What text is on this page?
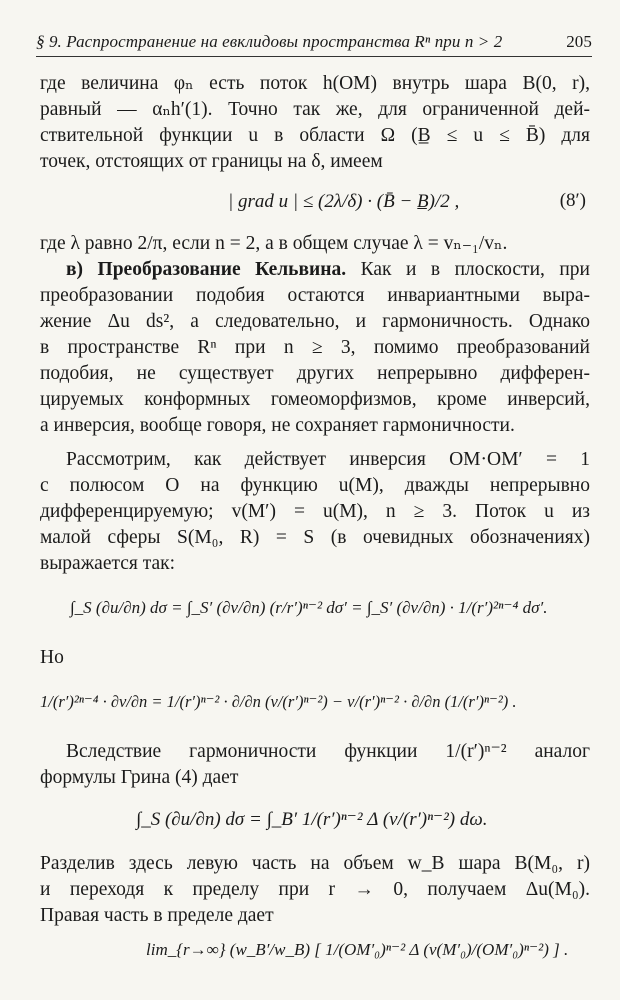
§ 9. Распространение на евклидовы пространства Rⁿ при n > 2	205
где величина φₙ есть поток h(OM) внутрь шара B(0, r),
равный — αₙh′(1). Точно так же, для ограниченной дей-
ствительной функции u в области Ω (B̲ ≤ u ≤ B̄) для
точек, отстоящих от границы на δ, имеем
| grad u | ≤ (2λ/δ) · (B̄ − B̲)/2 ,	(8′)
где λ равно 2/π, если n = 2, а в общем случае λ = vₙ₋₁/vₙ.
в) Преобразование Кельвина. Как и в плоскости, при
преобразовании подобия остаются инвариантными выра-
жение Δu ds², а следовательно, и гармоничность. Однако
в пространстве Rⁿ при n ≥ 3, помимо преобразований
подобия, не существует других непрерывно дифферен-
цируемых конформных гомеоморфизмов, кроме инверсий,
а инверсия, вообще говоря, не сохраняет гармоничности.
Рассмотрим, как действует инверсия OM·OM′ = 1
с полюсом O на функцию u(M), дважды непрерывно
дифференцируемую; v(M′) = u(M), n ≥ 3. Поток u из
малой сферы S(M₀, R) = S (в очевидных обозначениях)
выражается так:
∫_S (∂u/∂n) dσ = ∫_S′ (∂v/∂n) (r/r′)ⁿ⁻² dσ′ = ∫_S′ (∂v/∂n) · 1/(r′)²ⁿ⁻⁴ dσ′.
Но
1/(r′)²ⁿ⁻⁴ · ∂v/∂n = 1/(r′)ⁿ⁻² · ∂/∂n (v/(r′)ⁿ⁻²) − v/(r′)ⁿ⁻² · ∂/∂n (1/(r′)ⁿ⁻²) .
Вследствие гармоничности функции 1/(r′)ⁿ⁻² аналог
формулы Грина (4) дает
∫_S (∂u/∂n) dσ = ∫_B′ 1/(r′)ⁿ⁻² Δ (v/(r′)ⁿ⁻²) dω.
Разделив здесь левую часть на объем w_B шара B(M₀, r)
и переходя к пределу при r → 0, получаем Δu(M₀).
Правая часть в пределе дает
lim_{r→∞} (w_B′/w_B) [ 1/(OM′₀)ⁿ⁻² Δ (v(M′₀)/(OM′₀)ⁿ⁻²) ] .
